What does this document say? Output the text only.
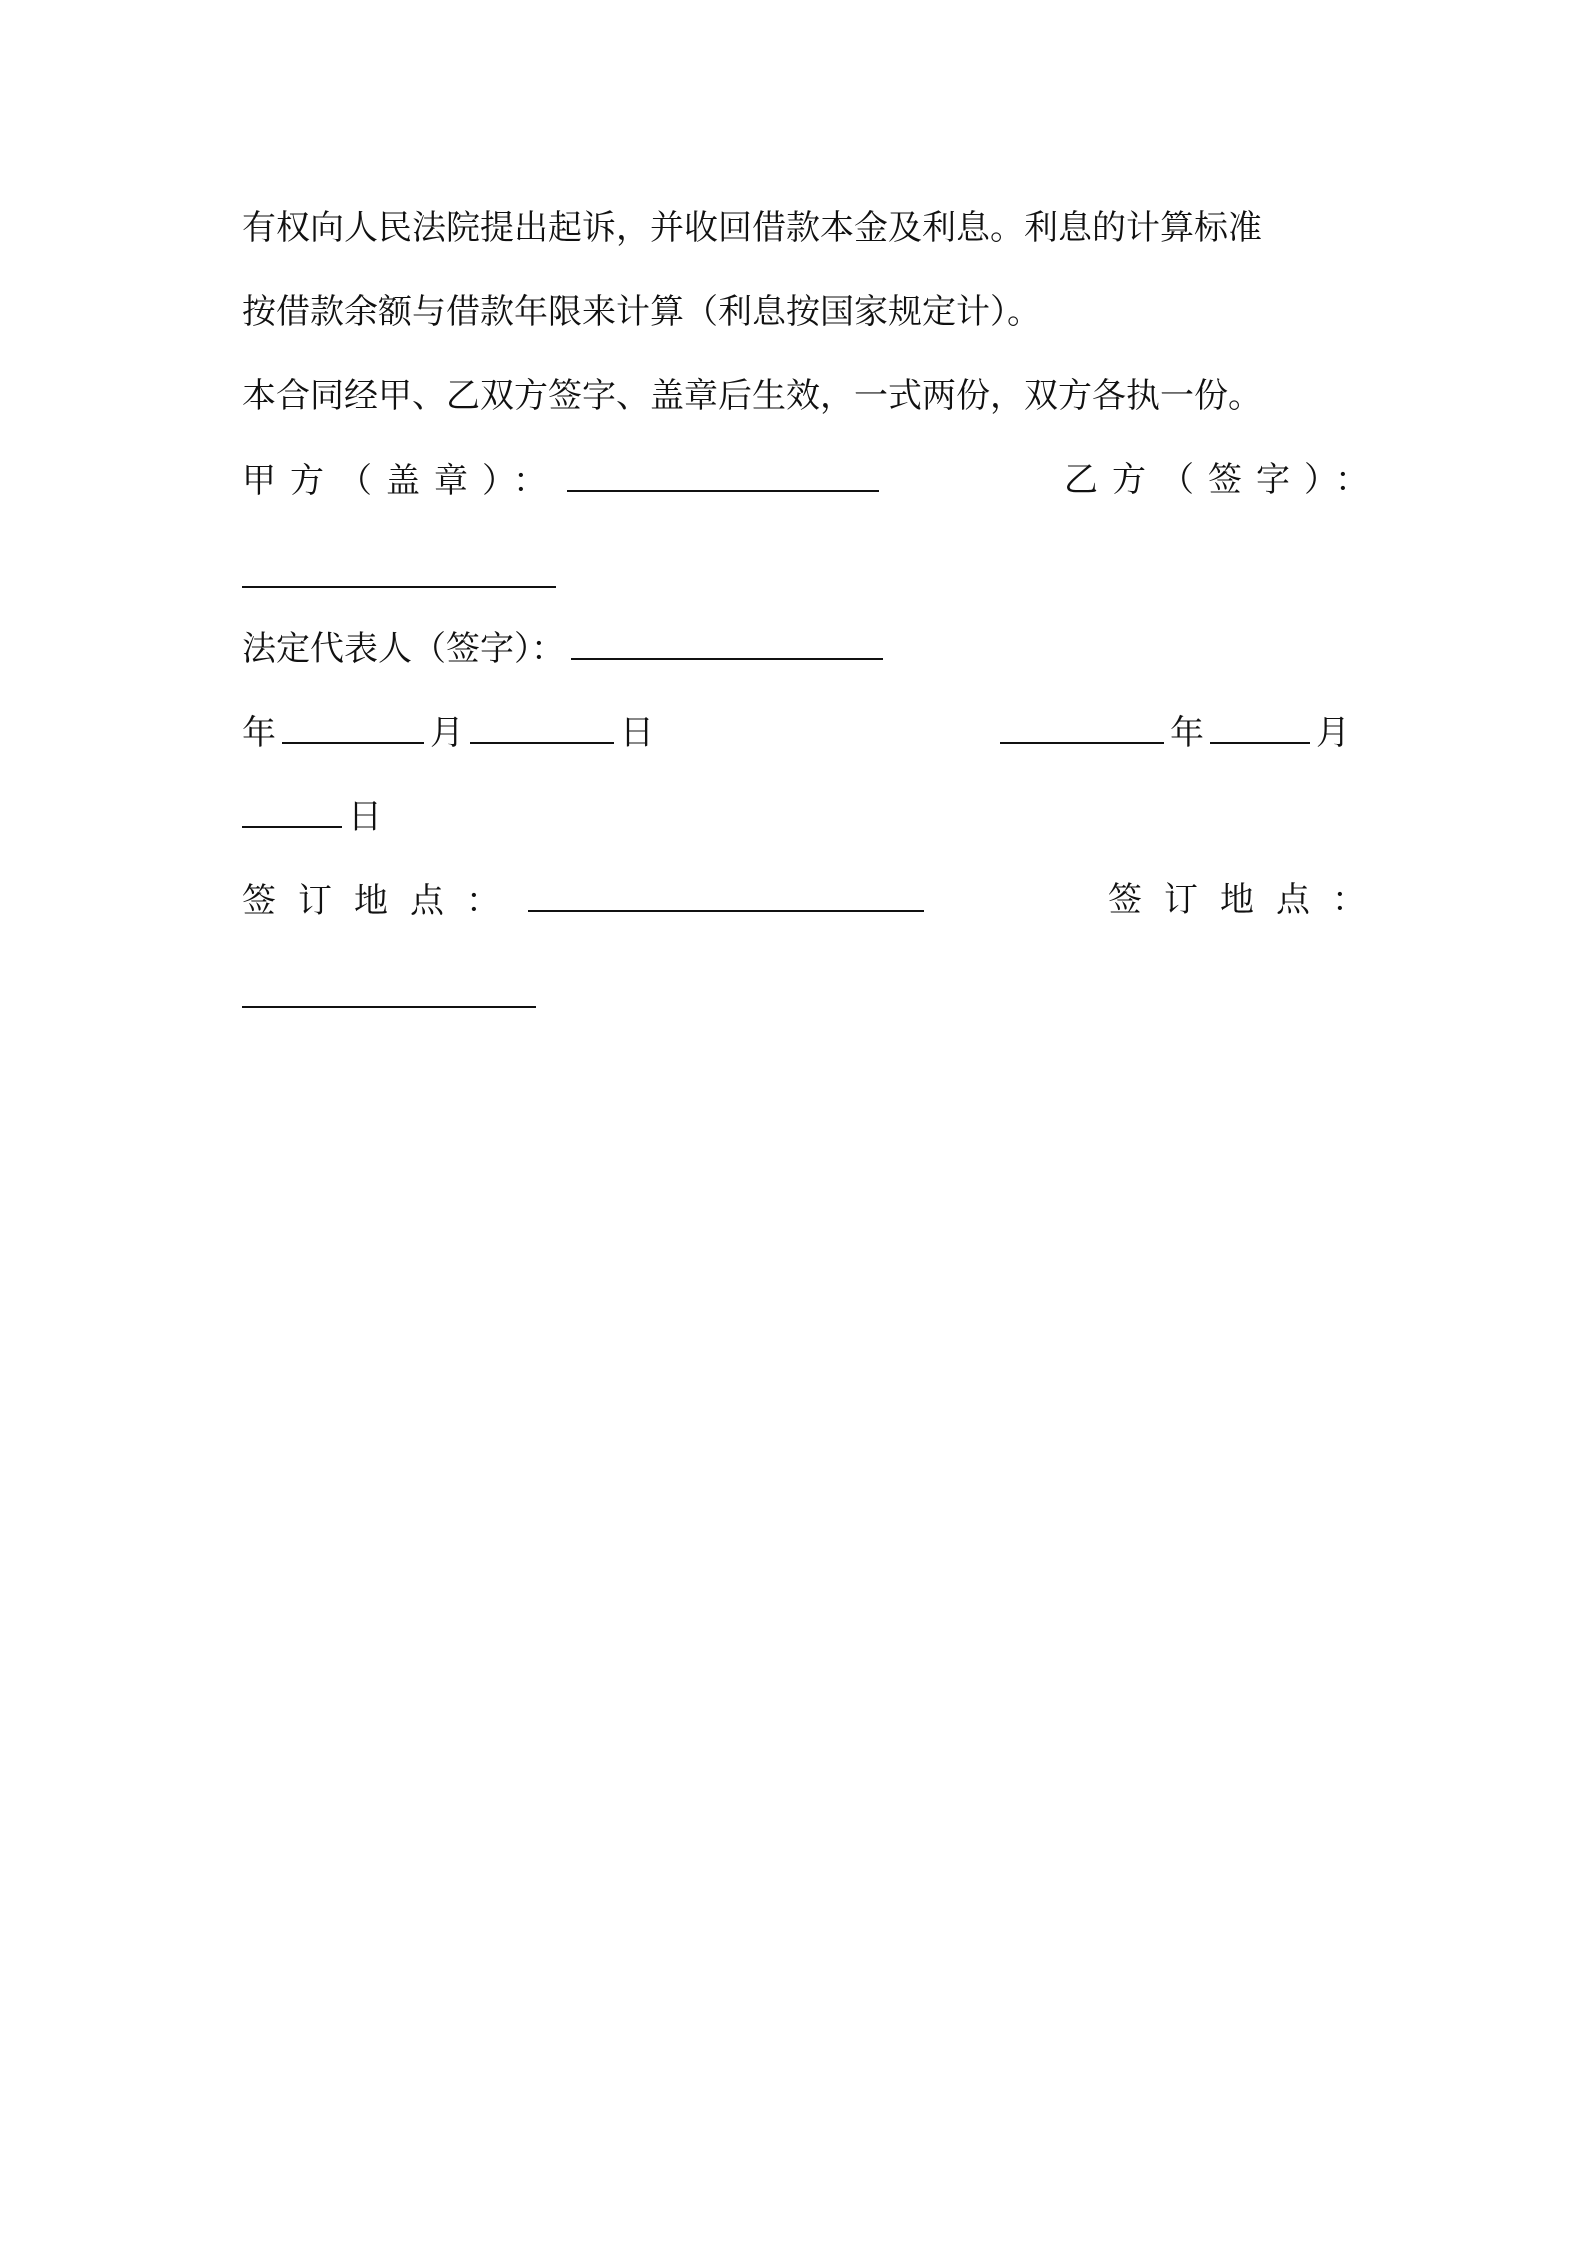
有权向人民法院提出起诉，并收回借款本金及利息。利息的计算标准
按借款余额与借款年限来计算（利息按国家规定计）。
本合同经甲、乙双方签字、盖章后生效，一式两份，双方各执一份。
甲方（盖章）：	乙方（签字）：
法定代表人（签字）：
年	月	日	年	月
日
签订地点：	签订地点：
